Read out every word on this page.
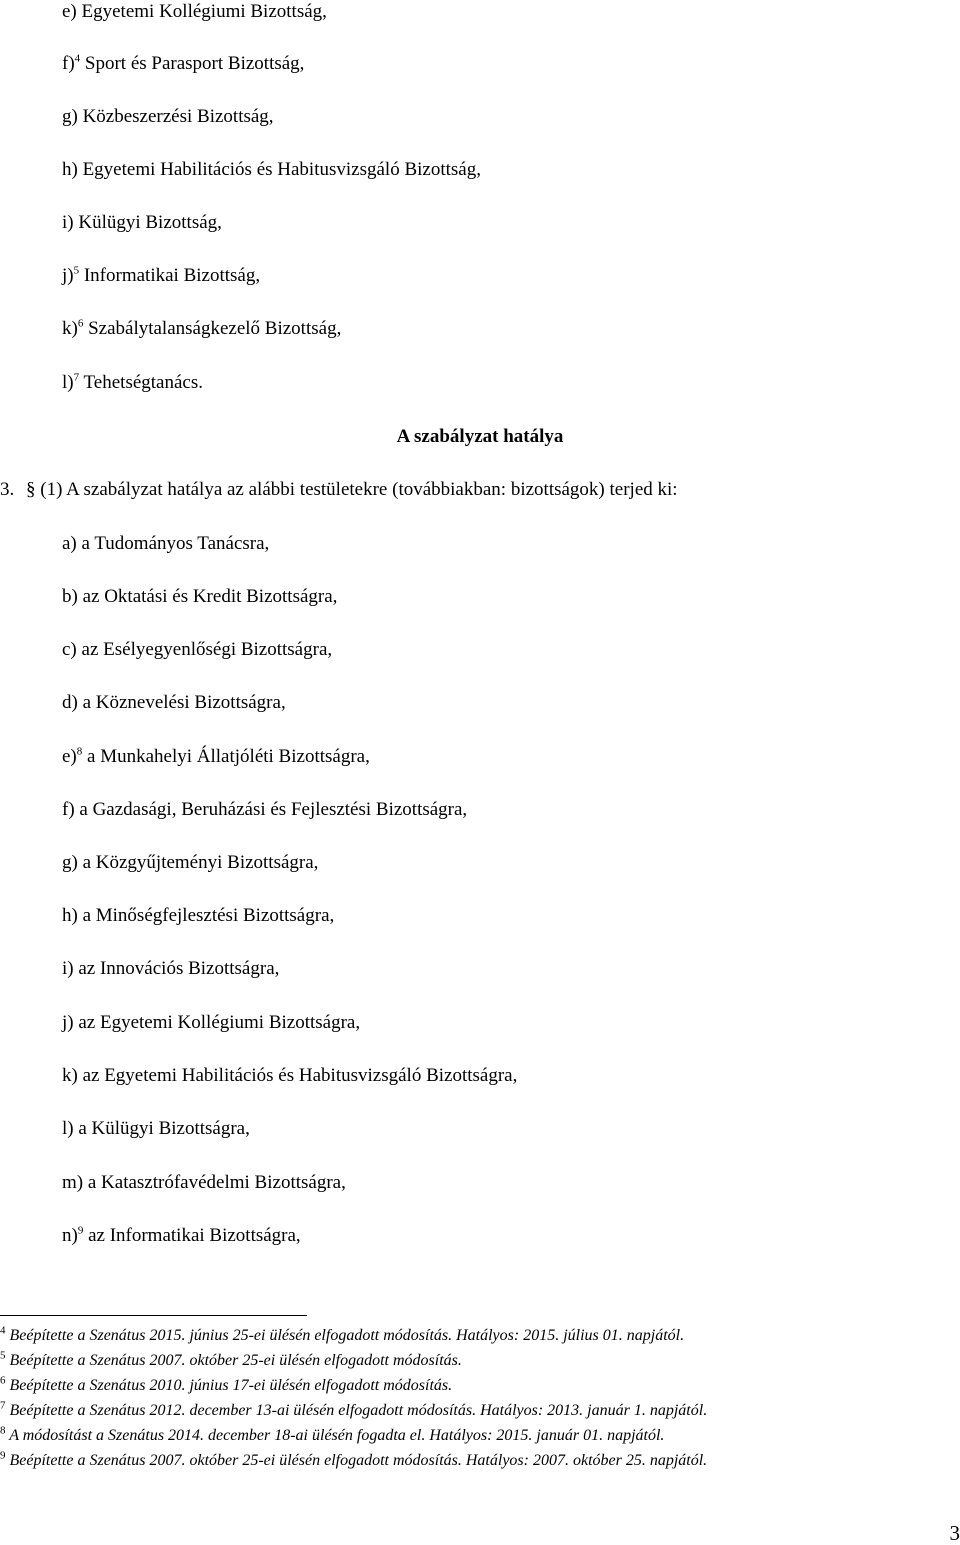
e) Egyetemi Kollégiumi Bizottság,
f)$^4$ Sport és Parasport Bizottság,
g) Közbeszerzési Bizottság,
h) Egyetemi Habilitációs és Habitusvizsgáló Bizottság,
i) Külügyi Bizottság,
j)$^5$ Informatikai Bizottság,
k)$^6$ Szabálytalanságkezelő Bizottság,
l)$^7$ Tehetségtanács.
A szabályzat hatálya
3. § (1) A szabályzat hatálya az alábbi testületekre (továbbiakban: bizottságok) terjed ki:
a) a Tudományos Tanácsra,
b) az Oktatási és Kredit Bizottságra,
c) az Esélyegyenlőségi Bizottságra,
d) a Köznevelési Bizottságra,
e)$^8$ a Munkahelyi Állatjóléti Bizottságra,
f) a Gazdasági, Beruházási és Fejlesztési Bizottságra,
g) a Közgyűjteményi Bizottságra,
h) a Minőségfejlesztési Bizottságra,
i) az Innovációs Bizottságra,
j) az Egyetemi Kollégiumi Bizottságra,
k) az Egyetemi Habilitációs és Habitusvizsgáló Bizottságra,
l) a Külügyi Bizottságra,
m) a Katasztrófavédelmi Bizottságra,
n)$^9$ az Informatikai Bizottságra,
$^4$ Beépítette a Szenátus 2015. június 25-ei ülésén elfogadott módosítás. Hatályos: 2015. július 01. napjától.
$^5$ Beépítette a Szenátus 2007. október 25-ei ülésén elfogadott módosítás.
$^6$ Beépítette a Szenátus 2010. június 17-ei ülésén elfogadott módosítás.
$^7$ Beépítette a Szenátus 2012. december 13-ai ülésén elfogadott módosítás. Hatályos: 2013. január 1. napjától.
$^8$ A módosítást a Szenátus 2014. december 18-ai ülésén fogadta el. Hatályos: 2015. január 01. napjától.
$^9$ Beépítette a Szenátus 2007. október 25-ei ülésén elfogadott módosítás. Hatályos: 2007. október 25. napjától.
3
